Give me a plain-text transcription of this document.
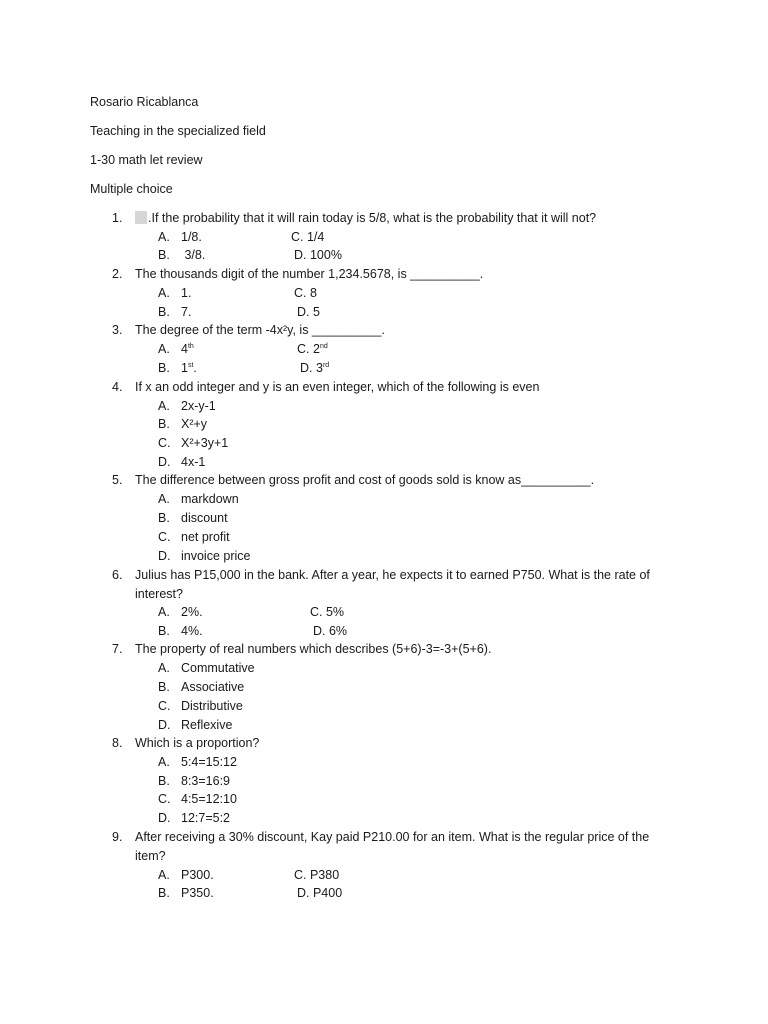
Rosario Ricablanca
Teaching in the specialized field
1-30 math let review
Multiple choice
1.	.If the probability that it will rain today is 5/8, what is the probability that it will not?
A. 1/8.	C. 1/4
B. 3/8.	D. 100%
2.	The thousands digit of the number 1,234.5678, is __________.
A. 1.	C. 8
B. 7.	D. 5
3.	The degree of the term -4x²y, is __________.
A. 4th	C. 2nd
B. 1st.	D. 3rd
4.	If x an odd integer and y is an even integer, which of the following is even
A. 2x-y-1
B. X²+y
C. X²+3y+1
D. 4x-1
5.	The difference between gross profit and cost of goods sold is know as__________.
A. markdown
B. discount
C. net profit
D. invoice price
6.	Julius has P15,000 in the bank. After a year, he expects it to earned P750. What is the rate of interest?
A. 2%.	C. 5%
B. 4%.	D. 6%
7.	The property of real numbers which describes (5+6)-3=-3+(5+6).
A. Commutative
B. Associative
C. Distributive
D. Reflexive
8.	Which is a proportion?
A. 5:4=15:12
B. 8:3=16:9
C. 4:5=12:10
D. 12:7=5:2
9.	After receiving a 30% discount, Kay paid P210.00 for an item. What is the regular price of the item?
A. P300.	C. P380
B. P350.	D. P400
